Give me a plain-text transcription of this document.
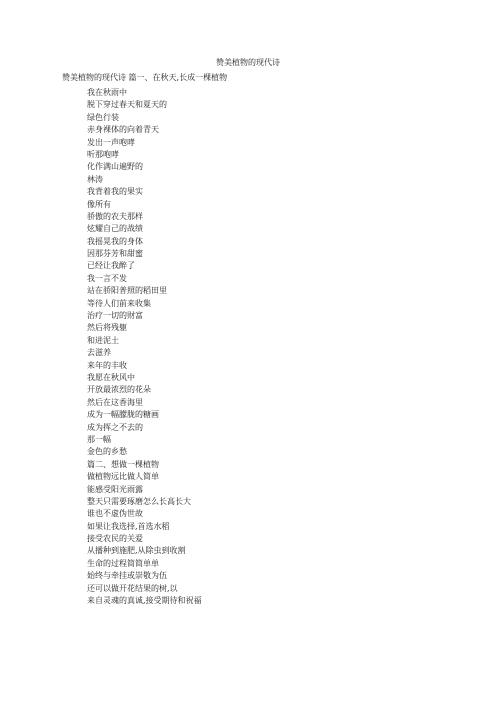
赞美植物的现代诗
赞美植物的现代诗 篇一、在秋天,长成一棵植物
我在秋雨中
脱下穿过春天和夏天的
绿色行装
赤身裸体的向着青天
发出一声咆哮
听那咆哮
化作满山遍野的
林涛
我背着我的果实
像所有
骄傲的农夫那样
炫耀自己的战绩
我摇晃我的身体
因那芬芳和甜蜜
已经让我醉了
我一言不发
站在骄阳普照的稻田里
等待人们前来收集
治疗一切的财富
然后将残躯
和进泥土
去滋养
来年的丰收
我愿在秋风中
开放最浓烈的花朵
然后在这香海里
成为一幅朦胧的糖画
成为挥之不去的
那一幅
金色的乡愁
篇二、想做一棵植物
做植物远比做人简单
能感受阳光雨露
整天只需要琢磨怎么长高长大
谁也不虚伪世故
如果让我选择,首选水稻
接受农民的关爱
从播种到施肥,从除虫到收割
生命的过程简简单单
始终与牵挂或崇敬为伍
还可以做开花结果的树,以
来自灵魂的真诚,接受期待和祝福
